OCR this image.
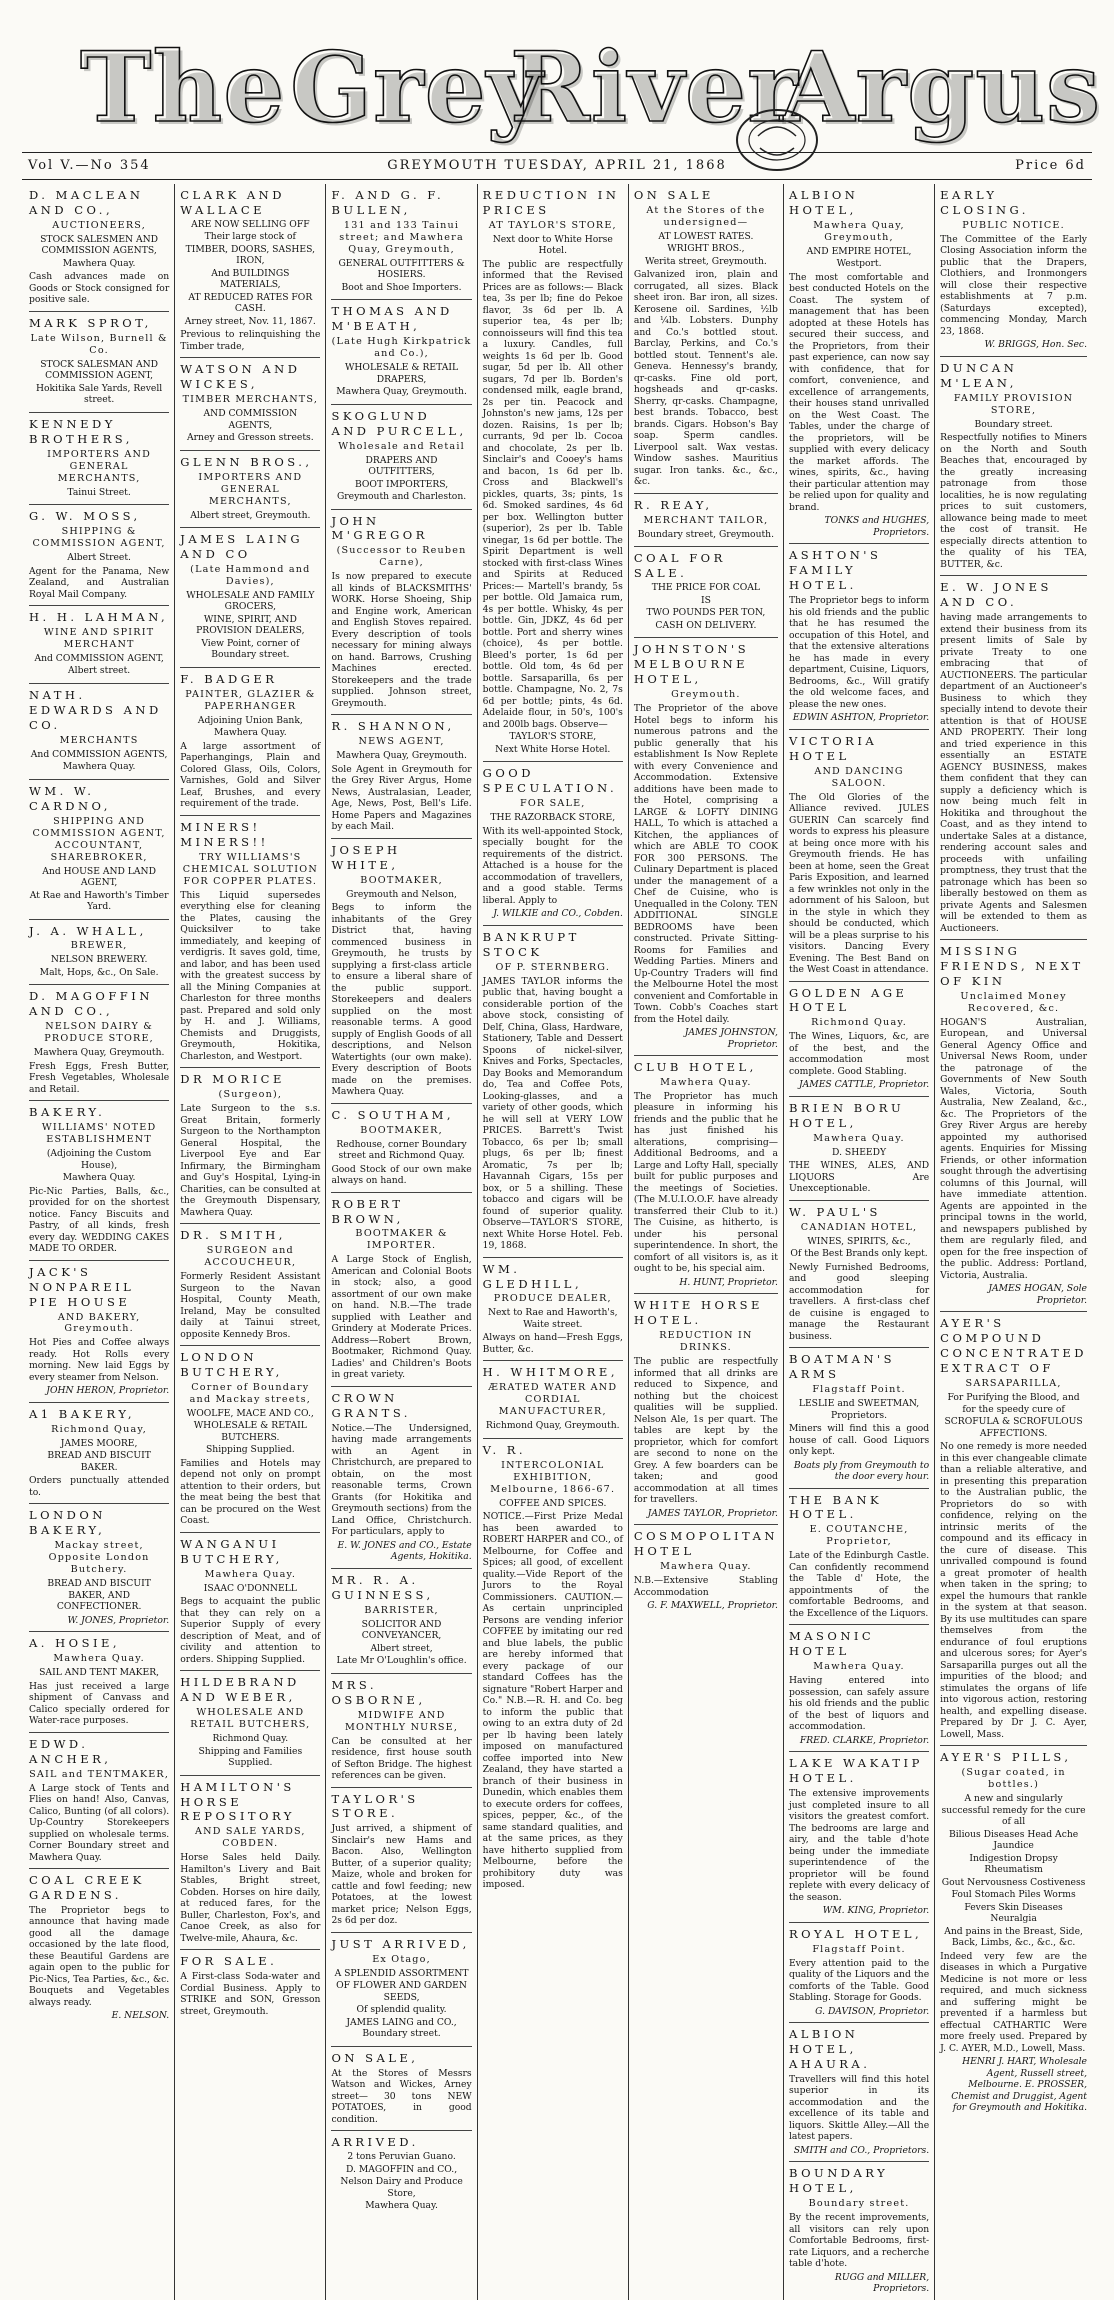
The Grey
River
Argus
Vol V.—No 354	GREYMOUTH TUESDAY, APRIL 21, 1868	Price 6d
D. MACLEAN AND CO.,
AUCTIONEERS,
STOCK SALESMEN AND COMMISSION AGENTS,
Mawhera Quay.
Cash advances made on Goods or Stock consigned for positive sale.
MARK SPROT,
Late Wilson, Burnell & Co.
STOCK SALESMAN AND COMMISSION AGENT,
Hokitika Sale Yards, Revell street.
KENNEDY BROTHERS,
IMPORTERS AND GENERAL MERCHANTS,
Tainui Street.
G. W. MOSS,
SHIPPING & COMMISSION AGENT,
Albert Street.
Agent for the Panama, New Zealand, and Australian Royal Mail Company.
H. H. LAHMAN,
WINE AND SPIRIT MERCHANT
And COMMISSION AGENT,
Albert street.
NATH. EDWARDS AND CO.
MERCHANTS
And COMMISSION AGENTS,
Mawhera Quay.
WM. W. CARDNO,
SHIPPING AND COMMISSION AGENT, ACCOUNTANT, SHAREBROKER,
And HOUSE AND LAND AGENT,
At Rae and Haworth's Timber Yard.
J. A. WHALL,
BREWER,
NELSON BREWERY.
Malt, Hops, &c., On Sale.
D. MAGOFFIN AND CO.,
NELSON DAIRY & PRODUCE STORE,
Mawhera Quay, Greymouth.
Fresh Eggs, Fresh Butter, Fresh Vegetables, Wholesale and Retail.
BAKERY.
WILLIAMS' NOTED ESTABLISHMENT
(Adjoining the Custom House),
Mawhera Quay.
Pic-Nic Parties, Balls, &c., provided for on the shortest notice. Fancy Biscuits and Pastry, of all kinds, fresh every day. WEDDING CAKES MADE TO ORDER.
JACK'S NONPAREIL PIE HOUSE
AND BAKERY, Greymouth.
Hot Pies and Coffee always ready. Hot Rolls every morning. New laid Eggs by every steamer from Nelson.
JOHN HERON, Proprietor.
A1 BAKERY,
Richmond Quay,
JAMES MOORE,
BREAD AND BISCUIT BAKER.
Orders punctually attended to.
LONDON BAKERY,
Mackay street, Opposite London Butchery.
BREAD AND BISCUIT BAKER, AND CONFECTIONER.
W. JONES, Proprietor.
A. HOSIE,
Mawhera Quay.
SAIL AND TENT MAKER,
Has just received a large shipment of Canvass and Calico specially ordered for Water-race purposes.
EDWD. ANCHER,
SAIL and TENTMAKER,
A Large stock of Tents and Flies on hand! Also, Canvas, Calico, Bunting (of all colors). Up-Country Storekeepers supplied on wholesale terms. Corner Boundary street and Mawhera Quay.
COAL CREEK GARDENS.
The Proprietor begs to announce that having made good all the damage occasioned by the late flood, these Beautiful Gardens are again open to the public for Pic-Nics, Tea Parties, &c., &c. Bouquets and Vegetables always ready.
E. NELSON.
CLARK AND WALLACE
ARE NOW SELLING OFF
Their large stock of
TIMBER, DOORS, SASHES, IRON,
And BUILDINGS MATERIALS,
AT REDUCED RATES FOR CASH.
Arney street, Nov. 11, 1867.
Previous to relinquishing the Timber trade,
WATSON AND WICKES,
TIMBER MERCHANTS,
AND COMMISSION AGENTS,
Arney and Gresson streets.
GLENN BROS.,
IMPORTERS AND GENERAL MERCHANTS,
Albert street, Greymouth.
JAMES LAING AND CO
(Late Hammond and Davies),
WHOLESALE AND FAMILY GROCERS,
WINE, SPIRIT, AND PROVISION DEALERS,
View Point, corner of Boundary street.
F. BADGER
PAINTER, GLAZIER & PAPERHANGER
Adjoining Union Bank,
Mawhera Quay.
A large assortment of Paperhangings, Plain and Colored Glass, Oils, Colors, Varnishes, Gold and Silver Leaf, Brushes, and every requirement of the trade.
MINERS! MINERS!!
TRY WILLIAMS'S CHEMICAL SOLUTION FOR COPPER PLATES.
This Liquid supersedes everything else for cleaning the Plates, causing the Quicksilver to take immediately, and keeping of verdigris. It saves gold, time, and labor, and has been used with the greatest success by all the Mining Companies at Charleston for three months past. Prepared and sold only by H. and J. Williams, Chemists and Druggists, Greymouth, Hokitika, Charleston, and Westport.
DR MORICE
(Surgeon),
Late Surgeon to the s.s. Great Britain, formerly Surgeon to the Northampton General Hospital, the Liverpool Eye and Ear Infirmary, the Birmingham and Guy's Hospital, Lying-in Charities, can be consulted at the Greymouth Dispensary, Mawhera Quay.
DR. SMITH,
SURGEON and ACCOUCHEUR,
Formerly Resident Assistant Surgeon to the Navan Hospital, County Meath, Ireland, May be consulted daily at Tainui street, opposite Kennedy Bros.
LONDON BUTCHERY,
Corner of Boundary and Mackay streets,
WOOLFE, MACE AND CO.,
WHOLESALE & RETAIL BUTCHERS.
Shipping Supplied.
Families and Hotels may depend not only on prompt attention to their orders, but the meat being the best that can be procured on the West Coast.
WANGANUI BUTCHERY,
Mawhera Quay.
ISAAC O'DONNELL
Begs to acquaint the public that they can rely on a Superior Supply of every description of Meat, and of civility and attention to orders. Shipping Supplied.
HILDEBRAND AND WEBER,
WHOLESALE AND RETAIL BUTCHERS,
Richmond Quay.
Shipping and Families Supplied.
HAMILTON'S HORSE REPOSITORY
AND SALE YARDS, COBDEN.
Horse Sales held Daily. Hamilton's Livery and Bait Stables, Bright street, Cobden. Horses on hire daily, at reduced fares, for the Buller, Charleston, Fox's, and Canoe Creek, as also for Twelve-mile, Ahaura, &c.
FOR SALE.
A First-class Soda-water and Cordial Business. Apply to STRIKE and SON, Gresson street, Greymouth.
F. AND G. F. BULLEN,
131 and 133 Tainui street; and Mawhera Quay, Greymouth,
GENERAL OUTFITTERS & HOSIERS.
Boot and Shoe Importers.
THOMAS AND M'BEATH,
(Late Hugh Kirkpatrick and Co.),
WHOLESALE & RETAIL DRAPERS,
Mawhera Quay, Greymouth.
SKOGLUND AND PURCELL,
Wholesale and Retail
DRAPERS AND OUTFITTERS,
BOOT IMPORTERS,
Greymouth and Charleston.
JOHN M'GREGOR
(Successor to Reuben Carne),
Is now prepared to execute all kinds of BLACKSMITHS' WORK. Horse Shoeing, Ship and Engine work, American and English Stoves repaired. Every description of tools necessary for mining always on hand. Barrows, Crushing Machines erected. Storekeepers and the trade supplied. Johnson street, Greymouth.
R. SHANNON,
NEWS AGENT,
Mawhera Quay, Greymouth.
Sole Agent in Greymouth for the Grey River Argus, Home News, Australasian, Leader, Age, News, Post, Bell's Life. Home Papers and Magazines by each Mail.
JOSEPH WHITE,
BOOTMAKER,
Greymouth and Nelson,
Begs to inform the inhabitants of the Grey District that, having commenced business in Greymouth, he trusts by supplying a first-class article to ensure a liberal share of the public support. Storekeepers and dealers supplied on the most reasonable terms. A good supply of English Goods of all descriptions, and Nelson Watertights (our own make). Every description of Boots made on the premises. Mawhera Quay.
C. SOUTHAM,
BOOTMAKER,
Redhouse, corner Boundary street and Richmond Quay.
Good Stock of our own make always on hand.
ROBERT BROWN,
BOOTMAKER & IMPORTER.
A Large Stock of English, American and Colonial Boots in stock; also, a good assortment of our own make on hand. N.B.—The trade supplied with Leather and Grindery at Moderate Prices. Address—Robert Brown, Bootmaker, Richmond Quay. Ladies' and Children's Boots in great variety.
CROWN GRANTS.
Notice.—The Undersigned, having made arrangements with an Agent in Christchurch, are prepared to obtain, on the most reasonable terms, Crown Grants (for Hokitika and Greymouth sections) from the Land Office, Christchurch. For particulars, apply to
E. W. JONES and CO., Estate Agents, Hokitika.
MR. R. A. GUINNESS,
BARRISTER,
SOLICITOR AND CONVEYANCER,
Albert street,
Late Mr O'Loughlin's office.
MRS. OSBORNE,
MIDWIFE AND MONTHLY NURSE,
Can be consulted at her residence, first house south of Sefton Bridge. The highest references can be given.
TAYLOR'S STORE.
Just arrived, a shipment of Sinclair's new Hams and Bacon. Also, Wellington Butter, of a superior quality; Maize, whole and broken for cattle and fowl feeding; new Potatoes, at the lowest market price; Nelson Eggs, 2s 6d per doz.
JUST ARRIVED,
Ex Otago,
A SPLENDID ASSORTMENT
OF FLOWER AND GARDEN SEEDS,
Of splendid quality.
JAMES LAING and CO., Boundary street.
ON SALE,
At the Stores of Messrs Watson and Wickes, Arney street— 30 tons NEW POTATOES, in good condition.
ARRIVED.
2 tons Peruvian Guano.
D. MAGOFFIN and CO.,
Nelson Dairy and Produce Store,
Mawhera Quay.
REDUCTION IN PRICES
AT TAYLOR'S STORE,
Next door to White Horse Hotel.
The public are respectfully informed that the Revised Prices are as follows:— Black tea, 3s per lb; fine do Pekoe flavor, 3s 6d per lb. A superior tea, 4s per lb; connoisseurs will find this tea a luxury. Candles, full weights 1s 6d per lb. Good sugar, 5d per lb. All other sugars, 7d per lb. Borden's condensed milk, eagle brand, 2s per tin. Peacock and Johnston's new jams, 12s per dozen. Raisins, 1s per lb; currants, 9d per lb. Cocoa and chocolate, 2s per lb. Sinclair's and Cooey's hams and bacon, 1s 6d per lb. Cross and Blackwell's pickles, quarts, 3s; pints, 1s 6d. Smoked sardines, 4s 6d per box. Wellington butter (superior), 2s per lb. Table vinegar, 1s 6d per bottle. The Spirit Department is well stocked with first-class Wines and Spirits at Reduced Prices:— Martell's brandy, 5s per bottle. Old Jamaica rum, 4s per bottle. Whisky, 4s per bottle. Gin, JDKZ, 4s 6d per bottle. Port and sherry wines (choice), 4s per bottle. Bleed's porter, 1s 6d per bottle. Old tom, 4s 6d per bottle. Sarsaparilla, 6s per bottle. Champagne, No. 2, 7s 6d per bottle; pints, 4s 6d. Adelaide flour, in 50's, 100's and 200lb bags. Observe—
TAYLOR'S STORE,
Next White Horse Hotel.
GOOD SPECULATION.
FOR SALE,
THE RAZORBACK STORE,
With its well-appointed Stock, specially bought for the requirements of the district. Attached is a house for the accommodation of travellers, and a good stable. Terms liberal. Apply to
J. WILKIE and CO., Cobden.
BANKRUPT STOCK
OF P. STERNBERG.
JAMES TAYLOR informs the public that, having bought a considerable portion of the above stock, consisting of Delf, China, Glass, Hardware, Stationery, Table and Dessert Spoons of nickel-silver, Knives and Forks, Spectacles, Day Books and Memorandum do, Tea and Coffee Pots, Looking-glasses, and a variety of other goods, which he will sell at VERY LOW PRICES. Barrett's Twist Tobacco, 6s per lb; small plugs, 6s per lb; finest Aromatic, 7s per lb; Havannah Cigars, 15s per box, or 5 a shilling. These tobacco and cigars will be found of superior quality. Observe—TAYLOR'S STORE, next White Horse Hotel. Feb. 19, 1868.
WM. GLEDHILL,
PRODUCE DEALER,
Next to Rae and Haworth's, Waite street.
Always on hand—Fresh Eggs, Butter, &c.
H. WHITMORE,
ÆRATED WATER AND CORDIAL MANUFACTURER,
Richmond Quay, Greymouth.
V. R.
INTERCOLONIAL EXHIBITION, Melbourne, 1866-67.
COFFEE AND SPICES.
NOTICE.—First Prize Medal has been awarded to ROBERT HARPER and CO., of Melbourne, for Coffee and Spices; all good, of excellent quality.—Vide Report of the Jurors to the Royal Commissioners. CAUTION.—As certain unprincipled Persons are vending inferior COFFEE by imitating our red and blue labels, the public are hereby informed that every package of our standard Coffees has the signature "Robert Harper and Co." N.B.—R. H. and Co. beg to inform the public that owing to an extra duty of 2d per lb having been lately imposed on manufactured coffee imported into New Zealand, they have started a branch of their business in Dunedin, which enables them to execute orders for coffees, spices, pepper, &c., of the same standard qualities, and at the same prices, as they have hitherto supplied from Melbourne, before the prohibitory duty was imposed.
ON SALE
At the Stores of the undersigned—
AT LOWEST RATES.
WRIGHT BROS.,
Werita street, Greymouth.
Galvanized iron, plain and corrugated, all sizes. Black sheet iron. Bar iron, all sizes. Kerosene oil. Sardines, ½lb and ¼lb. Lobsters. Dunphy and Co.'s bottled stout. Barclay, Perkins, and Co.'s bottled stout. Tennent's ale. Geneva. Hennessy's brandy, qr-casks. Fine old port, hogsheads and qr-casks. Sherry, qr-casks. Champagne, best brands. Tobacco, best brands. Cigars. Hobson's Bay soap. Sperm candles. Liverpool salt. Wax vestas. Window sashes. Mauritius sugar. Iron tanks. &c., &c., &c.
R. REAY,
MERCHANT TAILOR,
Boundary street, Greymouth.
COAL FOR SALE.
THE PRICE FOR COAL
IS
TWO POUNDS PER TON,
CASH ON DELIVERY.
JOHNSTON'S MELBOURNE HOTEL,
Greymouth.
The Proprietor of the above Hotel begs to inform his numerous patrons and the public generally that his establishment Is Now Replete with every Convenience and Accommodation. Extensive additions have been made to the Hotel, comprising a LARGE & LOFTY DINING HALL, To which is attached a Kitchen, the appliances of which are ABLE TO COOK FOR 300 PERSONS. The Culinary Department is placed under the management of a Chef de Cuisine, who is Unequalled in the Colony. TEN ADDITIONAL SINGLE BEDROOMS have been constructed. Private Sitting-Rooms for Families and Wedding Parties. Miners and Up-Country Traders will find the Melbourne Hotel the most convenient and Comfortable in Town. Cobb's Coaches start from the Hotel daily.
JAMES JOHNSTON, Proprietor.
CLUB HOTEL,
Mawhera Quay.
The Proprietor has much pleasure in informing his friends and the public that he has just finished his alterations, comprising—Additional Bedrooms, and a Large and Lofty Hall, specially built for public purposes and the meetings of Societies. (The M.U.I.O.O.F. have already transferred their Club to it.) The Cuisine, as hitherto, is under his personal superintendence. In short, the comfort of all visitors is, as it ought to be, his special aim.
H. HUNT, Proprietor.
WHITE HORSE HOTEL.
REDUCTION IN DRINKS.
The public are respectfully informed that all drinks are reduced to Sixpence, and nothing but the choicest qualities will be supplied. Nelson Ale, 1s per quart. The tables are kept by the proprietor, which for comfort are second to none on the Grey. A few boarders can be taken; and good accommodation at all times for travellers.
JAMES TAYLOR, Proprietor.
COSMOPOLITAN HOTEL
Mawhera Quay.
N.B.—Extensive Stabling Accommodation
G. F. MAXWELL, Proprietor.
ALBION HOTEL,
Mawhera Quay, Greymouth,
AND EMPIRE HOTEL,
Westport.
The most comfortable and best conducted Hotels on the Coast. The system of management that has been adopted at these Hotels has secured their success, and the Proprietors, from their past experience, can now say with confidence, that for comfort, convenience, and excellence of arrangements, their houses stand unrivalled on the West Coast. The Tables, under the charge of the proprietors, will be supplied with every delicacy the market affords. The wines, spirits, &c., having their particular attention may be relied upon for quality and brand.
TONKS and HUGHES, Proprietors.
ASHTON'S FAMILY HOTEL.
The Proprietor begs to inform his old friends and the public that he has resumed the occupation of this Hotel, and that the extensive alterations he has made in every department, Cuisine, Liquors, Bedrooms, &c., Will gratify the old welcome faces, and please the new ones.
EDWIN ASHTON, Proprietor.
VICTORIA HOTEL
AND DANCING SALOON.
The Old Glories of the Alliance revived. JULES GUERIN Can scarcely find words to express his pleasure at being once more with his Greymouth friends. He has been at home, seen the Great Paris Exposition, and learned a few wrinkles not only in the adornment of his Saloon, but in the style in which they should be conducted, which will be a pleas surprise to his visitors. Dancing Every Evening. The Best Band on the West Coast in attendance.
GOLDEN AGE HOTEL
Richmond Quay.
The Wines, Liquors, &c, are of the best, and the accommodation most complete. Good Stabling.
JAMES CATTLE, Proprietor.
BRIEN BORU HOTEL,
Mawhera Quay.
D. SHEEDY
THE WINES, ALES, AND LIQUORS Are Unexceptionable.
W. PAUL'S
CANADIAN HOTEL,
WINES, SPIRITS, &c.,
Of the Best Brands only kept.
Newly Furnished Bedrooms, and good sleeping accommodation for travellers. A first-class chef de cuisine is engaged to manage the Restaurant business.
BOATMAN'S ARMS
Flagstaff Point.
LESLIE and SWEETMAN, Proprietors.
Miners will find this a good house of call. Good Liquors only kept.
Boats ply from Greymouth to the door every hour.
THE BANK HOTEL.
E. COUTANCHE, Proprietor,
Late of the Edinburgh Castle. Can confidently recommend the Table d' Hote, the appointments of the comfortable Bedrooms, and the Excellence of the Liquors.
MASONIC HOTEL
Mawhera Quay.
Having entered into possession, can safely assure his old friends and the public of the best of liquors and accommodation.
FRED. CLARKE, Proprietor.
LAKE WAKATIP HOTEL.
The extensive improvements just completed insure to all visitors the greatest comfort. The bedrooms are large and airy, and the table d'hote being under the immediate superintendence of the proprietor will be found replete with every delicacy of the season.
WM. KING, Proprietor.
ROYAL HOTEL,
Flagstaff Point.
Every attention paid to the quality of the Liquors and the comforts of the Table. Good Stabling. Storage for Goods.
G. DAVISON, Proprietor.
ALBION HOTEL, AHAURA.
Travellers will find this hotel superior in its accommodation and the excellence of its table and liquors. Skittle Alley.—All the latest papers.
SMITH and CO., Proprietors.
BOUNDARY HOTEL,
Boundary street.
By the recent improvements, all visitors can rely upon Comfortable Bedrooms, first-rate Liquors, and a recherche table d'hote.
RUGG and MILLER, Proprietors.
EARLY CLOSING.
PUBLIC NOTICE.
The Committee of the Early Closing Association inform the public that the Drapers, Clothiers, and Ironmongers will close their respective establishments at 7 p.m. (Saturdays excepted), commencing Monday, March 23, 1868.
W. BRIGGS, Hon. Sec.
DUNCAN M'LEAN,
FAMILY PROVISION STORE,
Boundary street.
Respectfully notifies to Miners on the North and South Beaches that, encouraged by the greatly increasing patronage from those localities, he is now regulating prices to suit customers, allowance being made to meet the cost of transit. He especially directs attention to the quality of his TEA, BUTTER, &c.
E. W. JONES AND CO.
having made arrangements to extend their business from its present limits of Sale by private Treaty to one embracing that of AUCTIONEERS. The particular department of an Auctioneer's Business to which they specially intend to devote their attention is that of HOUSE AND PROPERTY. Their long and tried experience in this essentially an ESTATE AGENCY BUSINESS, makes them confident that they can supply a deficiency which is now being much felt in Hokitika and throughout the Coast, and as they intend to undertake Sales at a distance, rendering account sales and proceeds with unfailing promptness, they trust that the patronage which has been so liberally bestowed on them as private Agents and Salesmen will be extended to them as Auctioneers.
MISSING FRIENDS, NEXT OF KIN
Unclaimed Money Recovered, &c.
HOGAN'S Australian, European, and Universal General Agency Office and Universal News Room, under the patronage of the Governments of New South Wales, Victoria, South Australia, New Zealand, &c., &c. The Proprietors of the Grey River Argus are hereby appointed my authorised agents. Enquiries for Missing Friends, or other information sought through the advertising columns of this Journal, will have immediate attention. Agents are appointed in the principal towns in the world, and newspapers published by them are regularly filed, and open for the free inspection of the public. Address: Portland, Victoria, Australia.
JAMES HOGAN, Sole Proprietor.
AYER'S COMPOUND CONCENTRATED EXTRACT OF
SARSAPARILLA,
For Purifying the Blood, and for the speedy cure of
SCROFULA & SCROFULOUS AFFECTIONS.
No one remedy is more needed in this ever changeable climate than a reliable alterative, and in presenting this preparation to the Australian public, the Proprietors do so with confidence, relying on the intrinsic merits of the compound and its efficacy in the cure of disease. This unrivalled compound is found a great promoter of health when taken in the spring; to expel the humours that rankle in the system at that season. By its use multitudes can spare themselves from the endurance of foul eruptions and ulcerous sores; for Ayer's Sarsaparilla purges out all the impurities of the blood; and stimulates the organs of life into vigorous action, restoring health, and expelling disease. Prepared by Dr J. C. Ayer, Lowell, Mass.
AYER'S PILLS,
(Sugar coated, in bottles.)
A new and singularly successful remedy for the cure of all
Bilious Diseases Head Ache Jaundice
Indigestion Dropsy Rheumatism
Gout Nervousness Costiveness
Foul Stomach Piles Worms
Fevers Skin Diseases Neuralgia
And pains in the Breast, Side, Back, Limbs, &c., &c., &c.
Indeed very few are the diseases in which a Purgative Medicine is not more or less required, and much sickness and suffering might be prevented if a harmless but effectual CATHARTIC Were more freely used. Prepared by J. C. AYER, M.D., Lowell, Mass.
HENRI J. HART, Wholesale Agent, Russell street, Melbourne. E. PROSSER, Chemist and Druggist, Agent for Greymouth and Hokitika.
